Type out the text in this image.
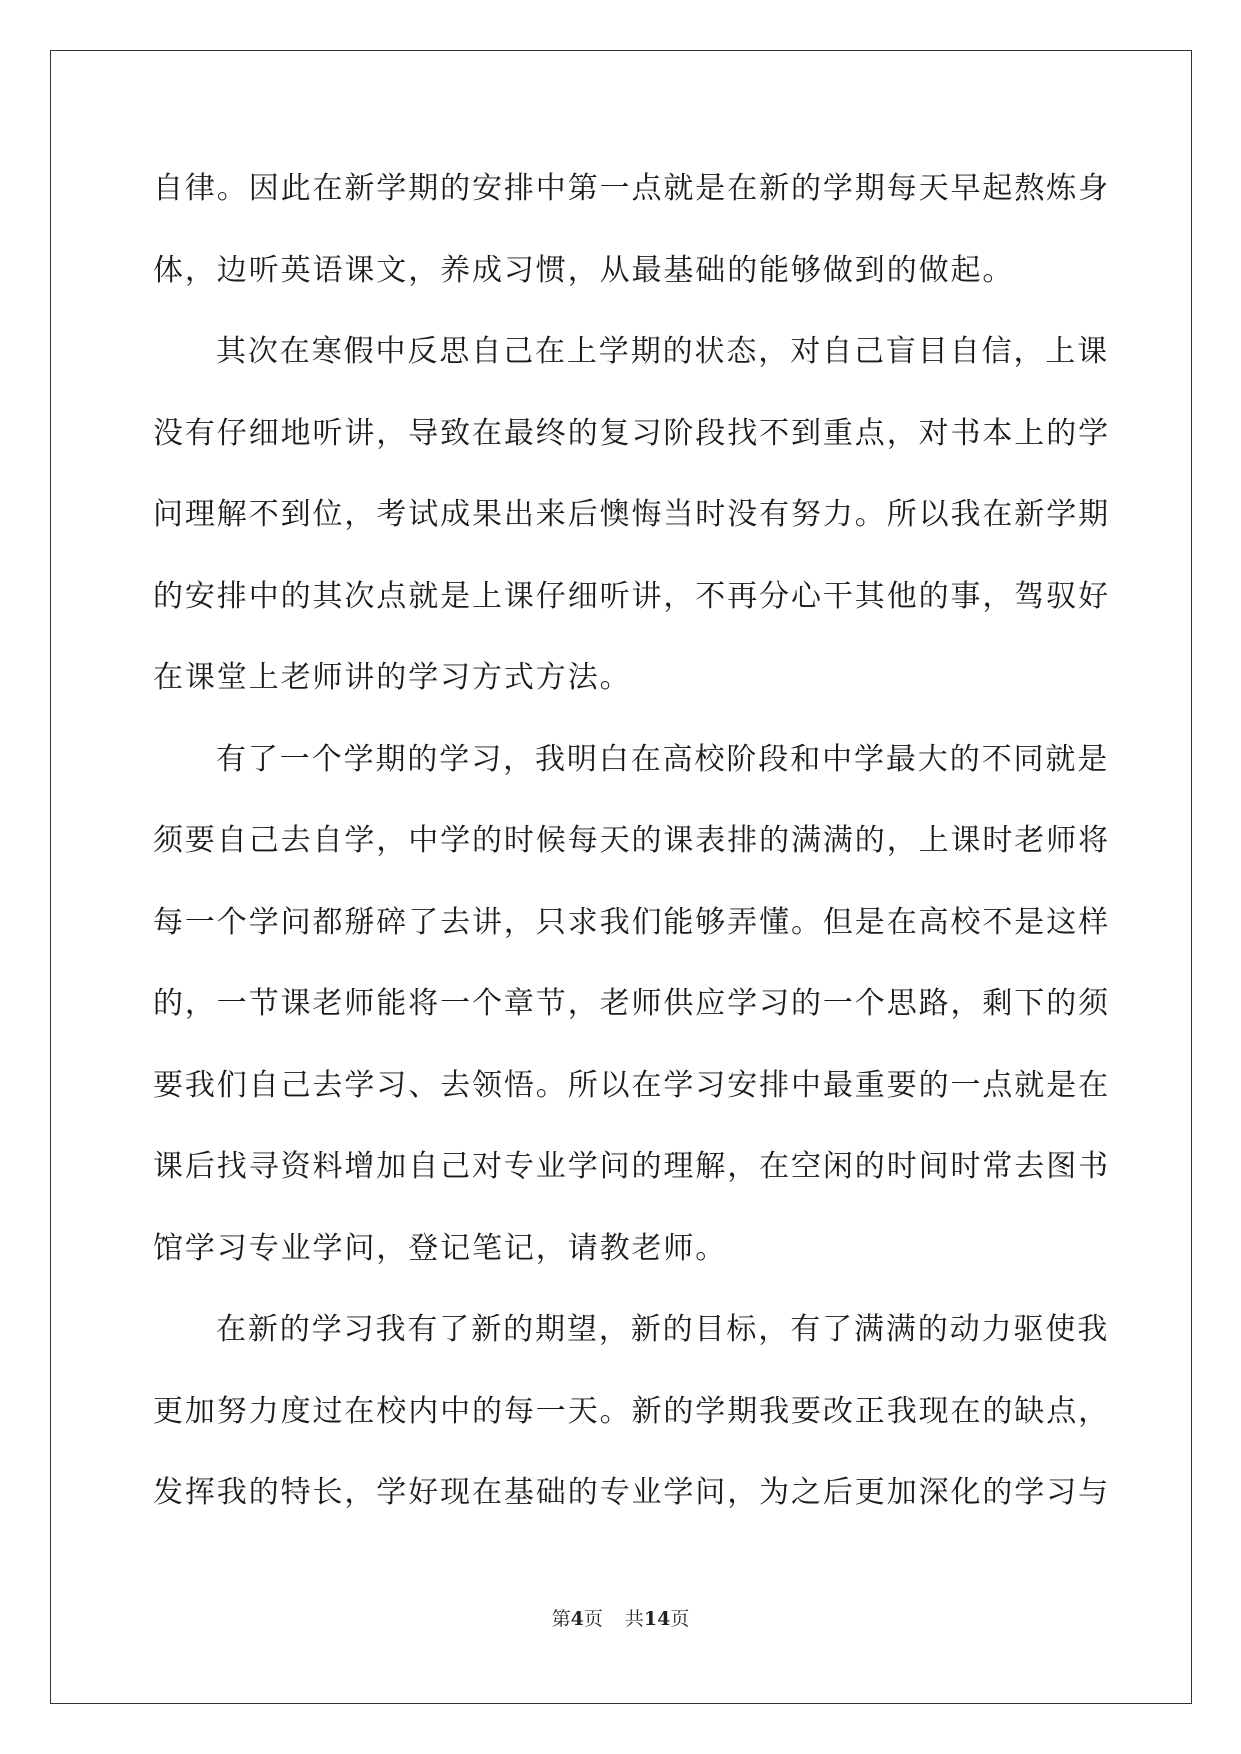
自律。因此在新学期的安排中第一点就是在新的学期每天早起熬炼身
体，边听英语课文，养成习惯，从最基础的能够做到的做起。
其次在寒假中反思自己在上学期的状态，对自己盲目自信，上课
没有仔细地听讲，导致在最终的复习阶段找不到重点，对书本上的学
问理解不到位，考试成果出来后懊悔当时没有努力。所以我在新学期
的安排中的其次点就是上课仔细听讲，不再分心干其他的事，驾驭好
在课堂上老师讲的学习方式方法。
有了一个学期的学习，我明白在高校阶段和中学最大的不同就是
须要自己去自学，中学的时候每天的课表排的满满的，上课时老师将
每一个学问都掰碎了去讲，只求我们能够弄懂。但是在高校不是这样
的，一节课老师能将一个章节，老师供应学习的一个思路，剩下的须
要我们自己去学习、去领悟。所以在学习安排中最重要的一点就是在
课后找寻资料增加自己对专业学问的理解，在空闲的时间时常去图书
馆学习专业学问，登记笔记，请教老师。
在新的学习我有了新的期望，新的目标，有了满满的动力驱使我
更加努力度过在校内中的每一天。新的学期我要改正我现在的缺点，
发挥我的特长，学好现在基础的专业学问，为之后更加深化的学习与
第4页 共14页
